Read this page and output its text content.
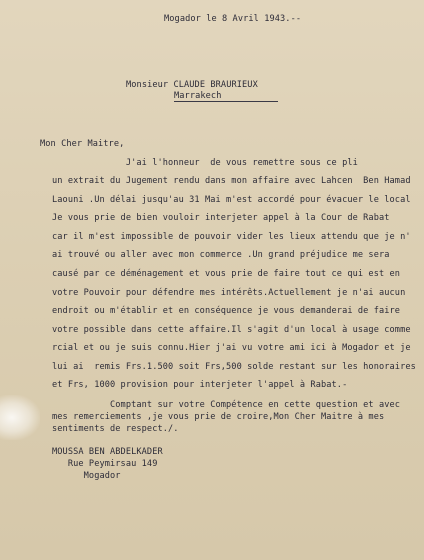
Mogador le 8 Avril 1943.--
Monsieur CLAUDE BRAURIEUX
Marrakech
Mon Cher Maitre,
J'ai l'honneur  de vous remettre sous ce pli
un extrait du Jugement rendu dans mon affaire avec Lahcen  Ben Hamad
Laouni .Un délai jusqu'au 31 Mai m'est accordé pour évacuer le local
Je vous prie de bien vouloir interjeter appel à la Cour de Rabat
car il m'est impossible de pouvoir vider les lieux attendu que je n'
ai trouvé ou aller avec mon commerce .Un grand préjudice me sera
causé par ce déménagement et vous prie de faire tout ce qui est en
votre Pouvoir pour défendre mes intérêts.Actuellement je n'ai aucun
endroit ou m'établir et en conséquence je vous demanderai de faire
votre possible dans cette affaire.Il s'agit d'un local à usage comme
rcial et ou je suis connu.Hier j'ai vu votre ami ici à Mogador et je
lui ai  remis Frs.1.500 soit Frs,500 solde restant sur les honoraires
et Frs, 1000 provision pour interjeter l'appel à Rabat.-
Comptant sur votre Compétence en cette question et avec
mes remerciements ,je vous prie de croire,Mon Cher Maitre à mes
sentiments de respect./.
MOUSSA BEN ABDELKADER
Rue Peymirsau 149
Mogador
